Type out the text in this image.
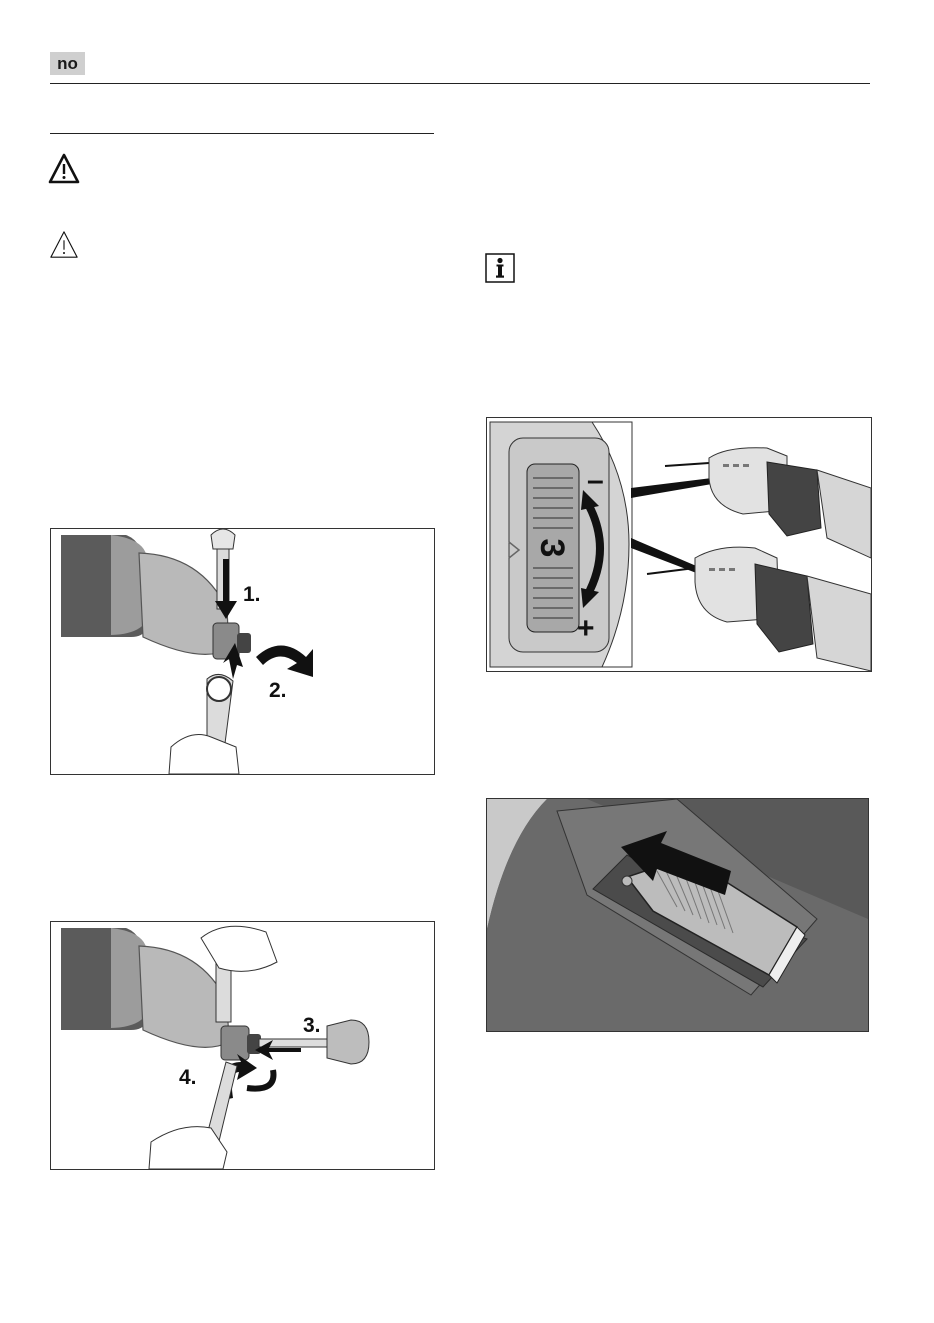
no
1.
2.
3.
4.
3
–
+
